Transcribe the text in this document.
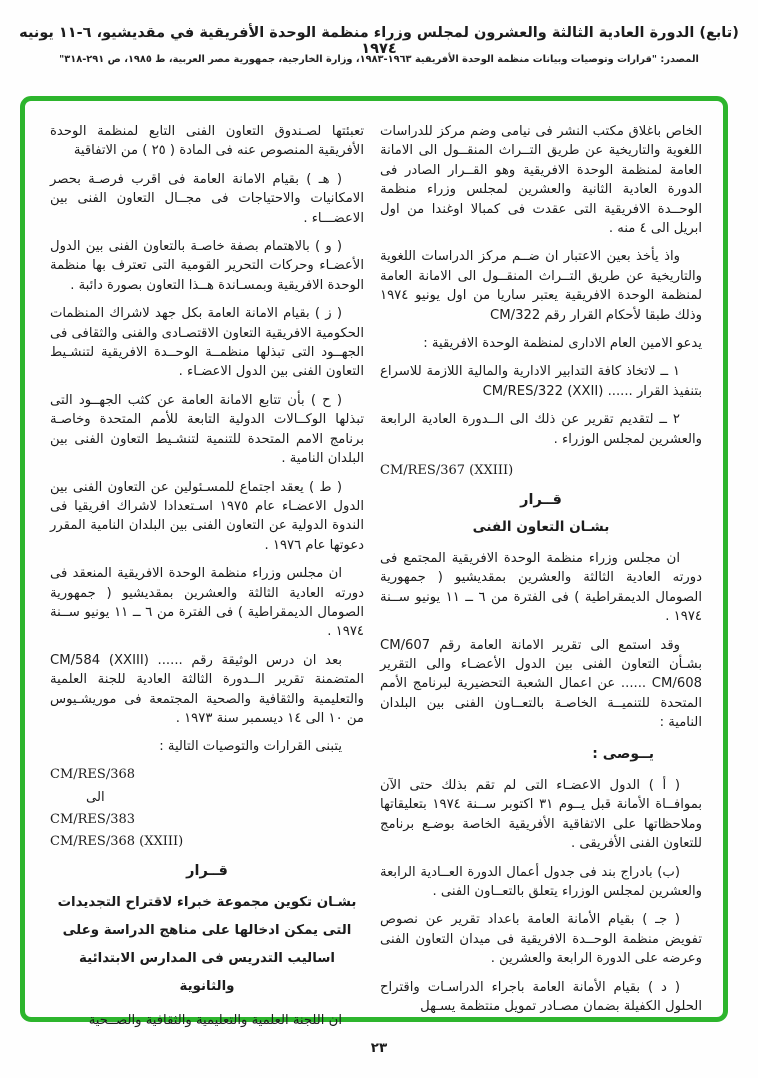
(تابع) الدورة العادية الثالثة والعشرون لمجلس وزراء منظمة الوحدة الأفريقية في مقديشيو، ٦-١١ يونيه ١٩٧٤
المصدر: "قرارات وتوصيات وبيانات منظمة الوحدة الأفريقية ١٩٦٣-١٩٨٣، وزارة الخارجية، جمهورية مصر العربية، ط ١٩٨٥، ص ٢٩١-٣١٨"

الخاص باغلاق مكتب النشر فى نيامى وضم مركز للدراسات اللغوية والتاريخية عن طريق التــراث المنقــول الى الامانة العامة لمنظمة الوحدة الافريقية وهو القــرار الصادر فى الدورة العادية الثانية والعشرين لمجلس وزراء منظمة الوحــدة الافريقية التى عقدت فى كمبالا اوغندا من اول ابريل الى ٤ منه .

واذ يأخذ بعين الاعتبار ان ضــم مركز الدراسات اللغوية والتاريخية عن طريق التــراث المنقــول الى الامانة العامة لمنظمة الوحدة الافريقية يعتبر ساريا من اول يونيو ١٩٧٤ وذلك طبقا لأحكام القرار رقم CM/322

يدعو الامين العام الادارى لمنظمة الوحدة الافريقية :

١ ــ لاتخاذ كافة التدابير الادارية والمالية اللازمة للاسراع بتنفيذ القرار ...... CM/RES/322 (XXII)

٢ ــ لتقديم تقرير عن ذلك الى الــدورة العادية الرابعة والعشرين لمجلس الوزراء .

CM/RES/367 (XXIII)

قــرار

بشـان التعاون الفنى

ان مجلس وزراء منظمة الوحدة الافريقية المجتمع فى دورته العادية الثالثة والعشرين بمقديشيو ( جمهورية الصومال الديمقراطية ) فى الفترة من ٦ ــ ١١ يونيو ســنة ١٩٧٤ .

وقد استمع الى تقرير الامانة العامة رقم CM/607 بشـأن التعاون الفنى بين الدول الأعضـاء والى التقرير CM/608 ...... عن اعمال الشعبة التحضيرية لبرنامج الأمم المتحدة للتنميــة الخاصـة بالتعــاون الفنى بين البلدان النامية :

يــوصى :

( أ ) الدول الاعضـاء التى لم تقم بذلك حتى الآن بموافــاة الأمانة قبل يــوم ٣١ اكتوبر ســنة ١٩٧٤ بتعليقاتها وملاحظاتها على الاتفاقية الأفريقية الخاصة بوضـع برنامج للتعاون الفنى الأفريقى .

(ب) بادراج بند فى جدول أعمال الدورة العــادية الرابعة والعشرين لمجلس الوزراء يتعلق بالتعــاون الفنى .

( جـ ) بقيام الأمانة العامة باعداد تقرير عن نصوص تفويض منظمة الوحــدة الافريقية فى ميدان التعاون الفنى وعرضه على الدورة الرابعة والعشرين .

( د ) بقيام الأمانة العامة باجراء الدراسـات واقتراح الحلول الكفيلة بضمان مصـادر تمويل منتظمة يسـهل

تعبئتها لصـندوق التعاون الفنى التابع لمنظمة الوحدة الأفريقية المنصوص عنه فى المادة ( ٢٥ ) من الاتفاقية

( هـ ) بقيام الامانة العامة فى اقرب فرصـة بحصر الامكانيات والاحتياجات فى مجــال التعاون الفنى بين الاعضـــاء .

( و ) بالاهتمام بصفة خاصـة بالتعاون الفنى بين الدول الأعضـاء وحركات التحرير القومية التى تعترف بها منظمة الوحدة الافريقية وبمسـاندة هــذا التعاون بصورة دائبة .

( ز ) بقيام الامانة العامة بكل جهد لاشراك المنظمات الحكومية الافريقية التعاون الاقتصـادى والفنى والثقافى فى الجهــود التى تبذلها منظمــة الوحــدة الافريقية لتنشـيط التعاون الفنى بين الدول الاعضـاء .

( ح ) بأن تتابع الامانة العامة عن كثب الجهــود التى تبذلها الوكــالات الدولية التابعة للأمم المتحدة وخاصـة برنامج الامم المتحدة للتنمية لتنشـيط التعاون الفنى بين البلدان النامية .

( ط ) يعقد اجتماع للمسـئولين عن التعاون الفنى بين الدول الاعضـاء عام ١٩٧٥ اسـتعدادا لاشراك افريقيا فى الندوة الدولية عن التعاون الفنى بين البلدان النامية المقرر دعوتها عام ١٩٧٦ .

ان مجلس وزراء منظمة الوحدة الافريقية المنعقد فى دورته العادية الثالثة والعشرين بمقديشيو ( جمهورية الصومال الديمقراطية ) فى الفترة من ٦ ــ ١١ يونيو ســنة ١٩٧٤ .

بعد ان درس الوثيقة رقم ...... CM/584 (XXIII) المتضمنة تقرير الــدورة الثالثة العادية للجنة العلمية والتعليمية والثقافية والصحية المجتمعة فى موريشـيوس من ١٠ الى ١٤ ديسمبر سنة ١٩٧٣ .

يتبنى القرارات والتوصيات التالية :

CM/RES/368

الى

CM/RES/383

CM/RES/368 (XXIII)

قــرار

بشـان تكوين مجموعة خبراء لاقتراح التجديدات

التى يمكن ادخالها على مناهج الدراسة وعلى

اساليب التدريس فى المدارس الابتدائية والثانوية

ان اللجنة العلمية والتعليمية والثقافية والصــحية

٢٣
